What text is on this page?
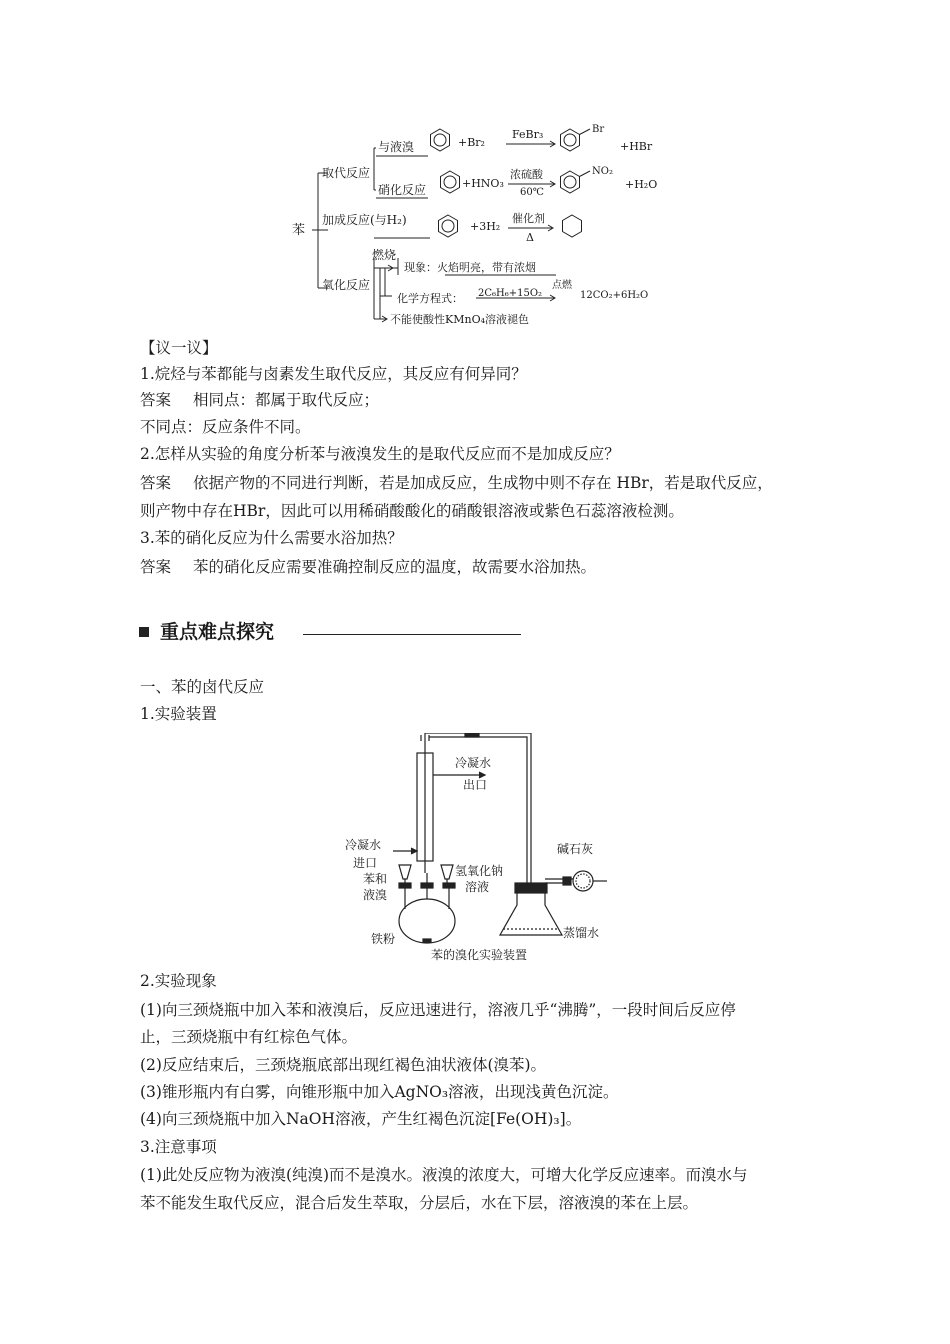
苯
取代反应
加成反应(与H₂)
氧化反应
与液溴	+Br₂
FeBr₃	Br
+HBr
硝化反应	+HNO₃
浓硫酸
60℃
NO₂
+H₂O
+3H₂
催化剂
Δ
燃烧
现象：火焰明亮，带有浓烟
化学方程式： 2C₆H₆+15O₂
点燃
12CO₂+6H₂O
不能使酸性KMnO₄溶液褪色
【议一议】
1.烷烃与苯都能与卤素发生取代反应，其反应有何异同？
答案 相同点：都属于取代反应；
不同点：反应条件不同。
2.怎样从实验的角度分析苯与液溴发生的是取代反应而不是加成反应？
答案 依据产物的不同进行判断，若是加成反应，生成物中则不存在 HBr，若是取代反应，
则产物中存在HBr，因此可以用稀硝酸酸化的硝酸银溶液或紫色石蕊溶液检测。
3.苯的硝化反应为什么需要水浴加热？
答案 苯的硝化反应需要准确控制反应的温度，故需要水浴加热。
重点难点探究
一、苯的卤代反应
1.实验装置
冷凝水
出口
冷凝水
进口
苯和
液溴
氢氧化钠
溶液
铁粉
碱石灰
蒸馏水
苯的溴化实验装置
2.实验现象
(1)向三颈烧瓶中加入苯和液溴后，反应迅速进行，溶液几乎“沸腾”，一段时间后反应停
止，三颈烧瓶中有红棕色气体。
(2)反应结束后，三颈烧瓶底部出现红褐色油状液体(溴苯)。
(3)锥形瓶内有白雾，向锥形瓶中加入AgNO₃溶液，出现浅黄色沉淀。
(4)向三颈烧瓶中加入NaOH溶液，产生红褐色沉淀[Fe(OH)₃]。
3.注意事项
(1)此处反应物为液溴(纯溴)而不是溴水。液溴的浓度大，可增大化学反应速率。而溴水与
苯不能发生取代反应，混合后发生萃取，分层后，水在下层，溶液溴的苯在上层。
